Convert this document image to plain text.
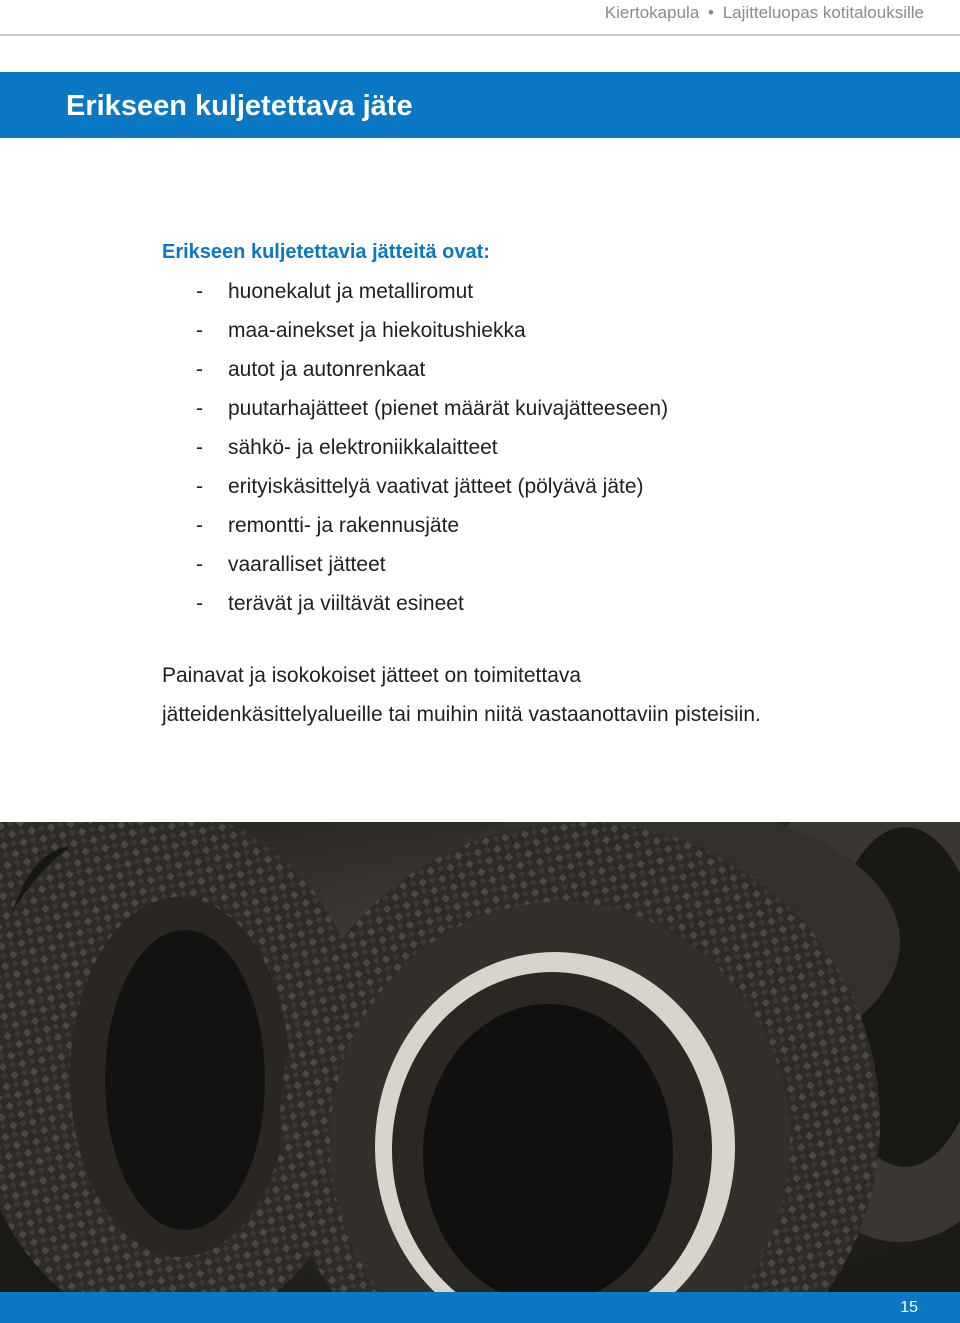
Kiertokapula • Lajitteluopas kotitalouksille
Erikseen kuljetettava jäte
Erikseen kuljetettavia jätteitä ovat:
- huonekalut ja metalliromut
- maa-ainekset ja hiekoitushiekka
- autot ja autonrenkaat
- puutarhajätteet (pienet määrät kuivajätteeseen)
- sähkö- ja elektroniikkalaitteet
- erityiskäsittelyä vaativat jätteet (pölyävä jäte)
- remontti- ja rakennusjäte
- vaaralliset jätteet
- terävät ja viiltävät esineet

Painavat ja isokokoiset jätteet on toimitettava jätteidenkäsittelyalueille tai muihin niitä vastaanottaviin pisteisiin.

15
